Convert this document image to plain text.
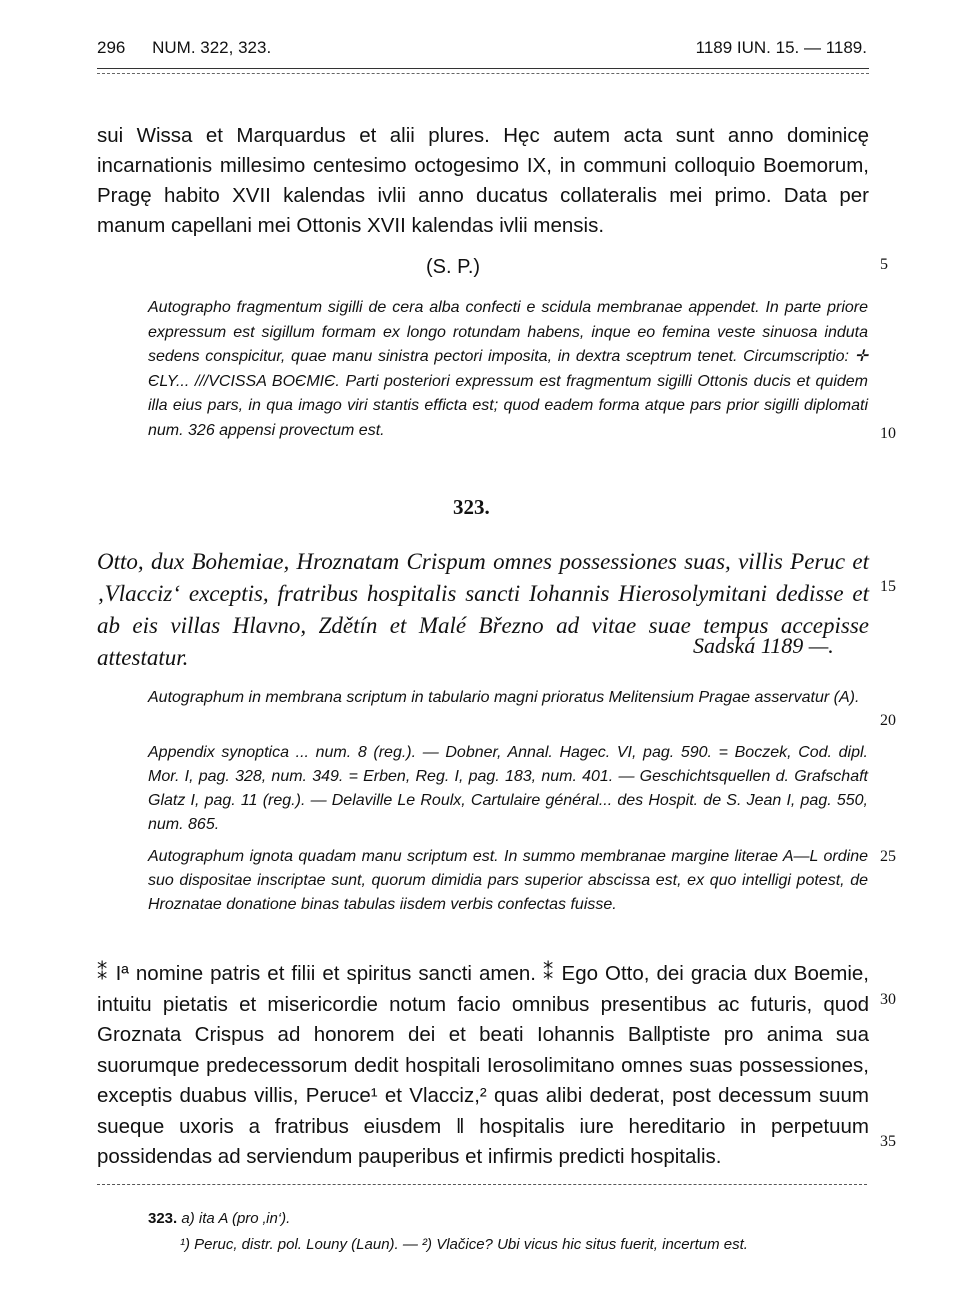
296 NUM. 322, 323.	1189 IUN. 15. — 1189.

sui Wissa et Marquardus et alii plures. Hęc autem acta sunt anno dominicę incarnationis millesimo centesimo octogesimo IX, in communi colloquio Boemorum, Pragę habito XVII kalendas ivlii anno ducatus collateralis mei primo. Data per manum capellani mei Ottonis XVII kalendas ivlii mensis.

(S. P.)

Autographo fragmentum sigilli de cera alba confecti e scidula membranae appendet. In parte priore expressum est sigillum formam ex longo rotundam habens, inque eo femina veste sinuosa induta sedens conspicitur, quae manu sinistra pectori imposita, in dextra sceptrum tenet. Circumscriptio: ✛ ЄLY... ///VCISSA BOЄMIЄ. Parti posteriori expressum est fragmentum sigilli Ottonis ducis et quidem illa eius pars, in qua imago viri stantis efficta est; quod eadem forma atque pars prior sigilli diplomati num. 326 appensi provectum est.

323.

Otto, dux Bohemiae, Hroznatam Crispum omnes possessiones suas, villis Peruc et ‚Vlacciz‘ exceptis, fratribus hospitalis sancti Iohannis Hierosolymitani dedisse et ab eis villas Hlavno, Zdětín et Malé Březno ad vitae suae tempus accepisse attestatur.	Sadská 1189 —.

Autographum in membrana scriptum in tabulario magni prioratus Melitensium Pragae asservatur (A).

Appendix synoptica ... num. 8 (reg.). — Dobner, Annal. Hagec. VI, pag. 590. = Boczek, Cod. dipl. Mor. I, pag. 328, num. 349. = Erben, Reg. I, pag. 183, num. 401. — Geschichtsquellen d. Grafschaft Glatz I, pag. 11 (reg.). — Delaville Le Roulx, Cartulaire général... des Hospit. de S. Jean I, pag. 550, num. 865.

Autographum ignota quadam manu scriptum est. In summo membranae margine literae A—L ordine suo dispositae inscriptae sunt, quorum dimidia pars superior abscissa est, ex quo intelligi potest, de Hroznatae donatione binas tabulas iisdem verbis confectas fuisse.

⁑ Iª nomine patris et filii et spiritus sancti amen. ⁑ Ego Otto, dei gracia dux Boemie, intuitu pietatis et misericordie notum facio omnibus presentibus ac futuris, quod Groznata Crispus ad honorem dei et beati Iohannis Ba‖ptiste pro anima sua suorumque predecessorum dedit hospitali Ierosolimitano omnes suas possessiones, exceptis duabus villis, Peruce¹ et Vlacciz,² quas alibi dederat, post decessum suum sueque uxoris a fratribus eiusdem ‖ hospitalis iure hereditario in perpetuum possidendas ad serviendum pauperibus et infirmis predicti hospitalis.

5
10
15
20
25
30
35
323. a) ita A (pro ‚in‘).

¹) Peruc, distr. pol. Louny (Laun). — ²) Vlačice? Ubi vicus hic situs fuerit, incertum est.
